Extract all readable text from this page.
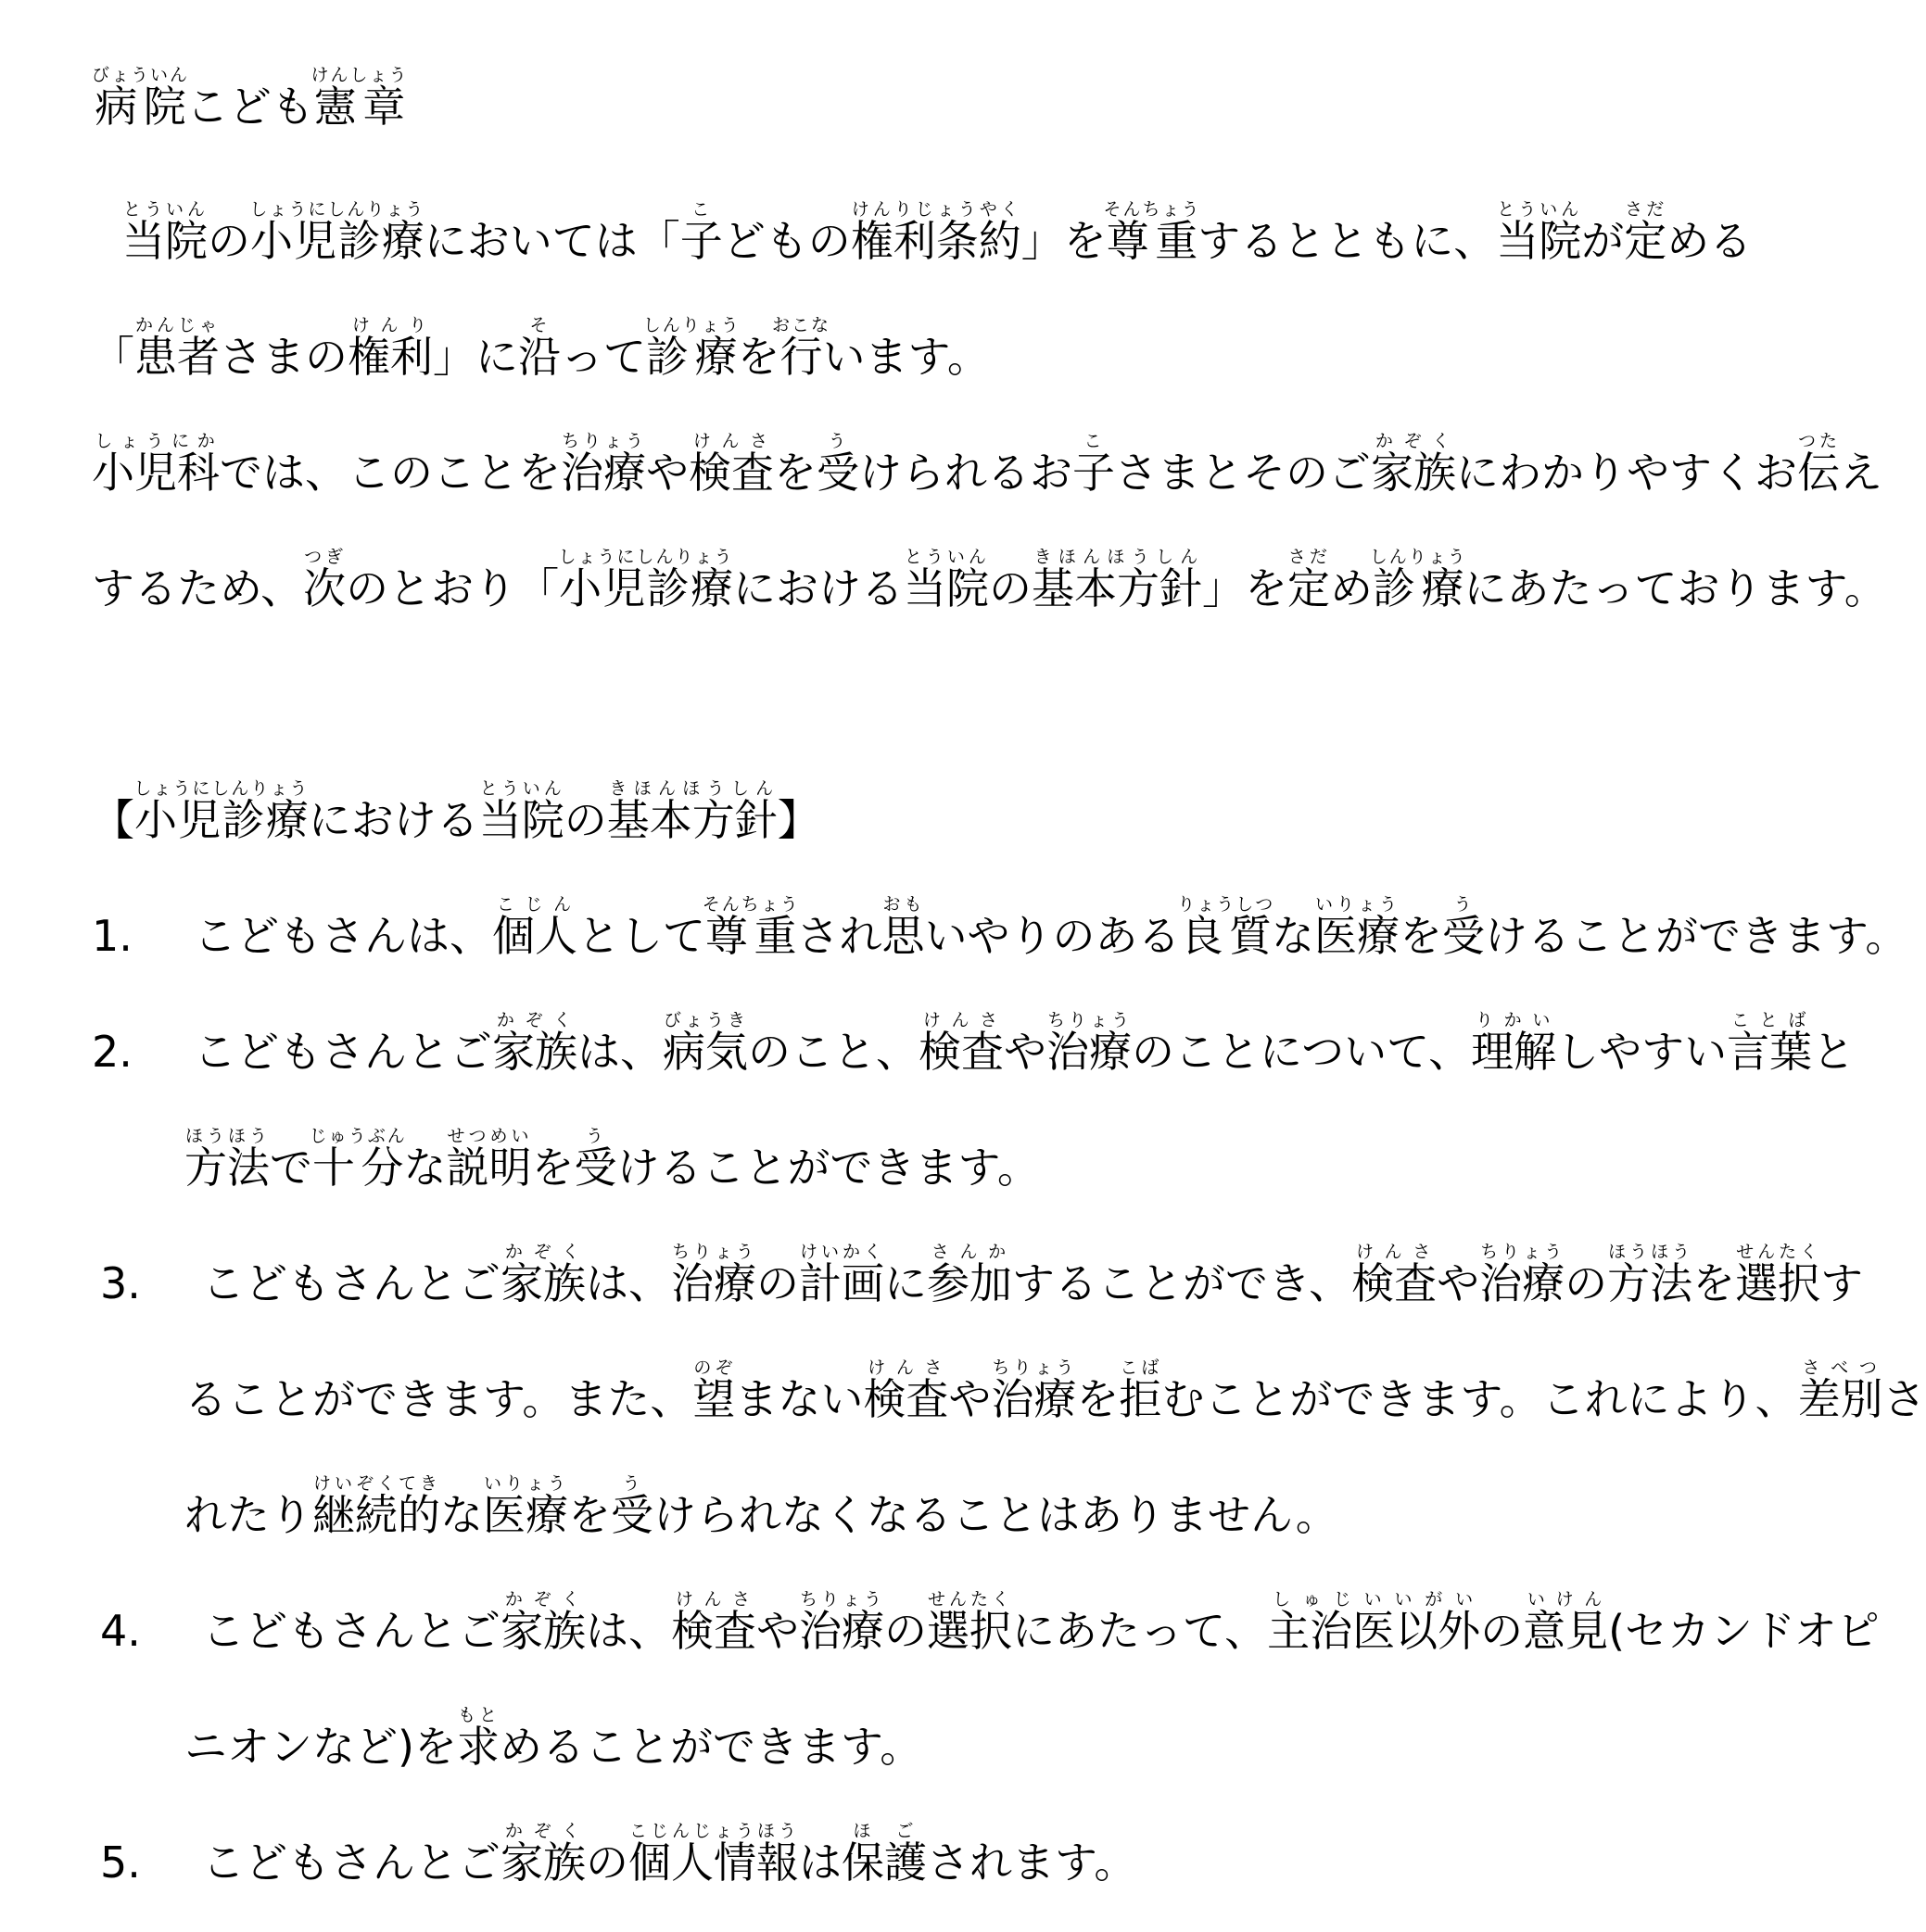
病院びょういんこども憲章けんしょう

当院とういんの小児診療しょうにしんりょうにおいては「子こどもの権利条約けんりじょうやく」を尊重そんちょうするとともに、当院とういんが定さだめる

「患者かんじゃさまの権利けんり」に沿そって診療しんりょうを行おこないます。

小児科しょうにかでは、このことを治療ちりょうや検査けんさを受うけられるお子こさまとそのご家族かぞくにわかりやすくお伝つたえ

するため、次つぎのとおり「小児診療しょうにしんりょうにおける当院とういんの基本方針きほんほうしん」を定さだめ診療しんりょうにあたっております。

【小児診療しょうにしんりょうにおける当院とういんの基本方針きほんほうしん】

1. こどもさんは、個人こじんとして尊重そんちょうされ思おもいやりのある良質りょうしつな医療いりょうを受うけることができます。

2. こどもさんとご家族かぞくは、病気びょうきのこと、検査けんさや治療ちりょうのことについて、理解りかいしやすい言葉ことばと

方法ほうほうで十分じゅうぶんな説明せつめいを受うけることができます。

3. こどもさんとご家族かぞくは、治療ちりょうの計画けいかくに参加さんかすることができ、検査けんさや治療ちりょうの方法ほうほうを選択せんたくす

ることができます。また、望のぞまない検査けんさや治療ちりょうを拒こばむことができます。これにより、差別さべつさ

れたり継続的けいぞくてきな医療いりょうを受うけられなくなることはありません。

4. こどもさんとご家族かぞくは、検査けんさや治療ちりょうの選択せんたくにあたって、主治医以外しゅじいいがいの意見いけん(セカンドオピ

ニオンなど)を求もとめることができます。

5. こどもさんとご家族かぞくの個人情報こじんじょうほうは保護ほごされます。
